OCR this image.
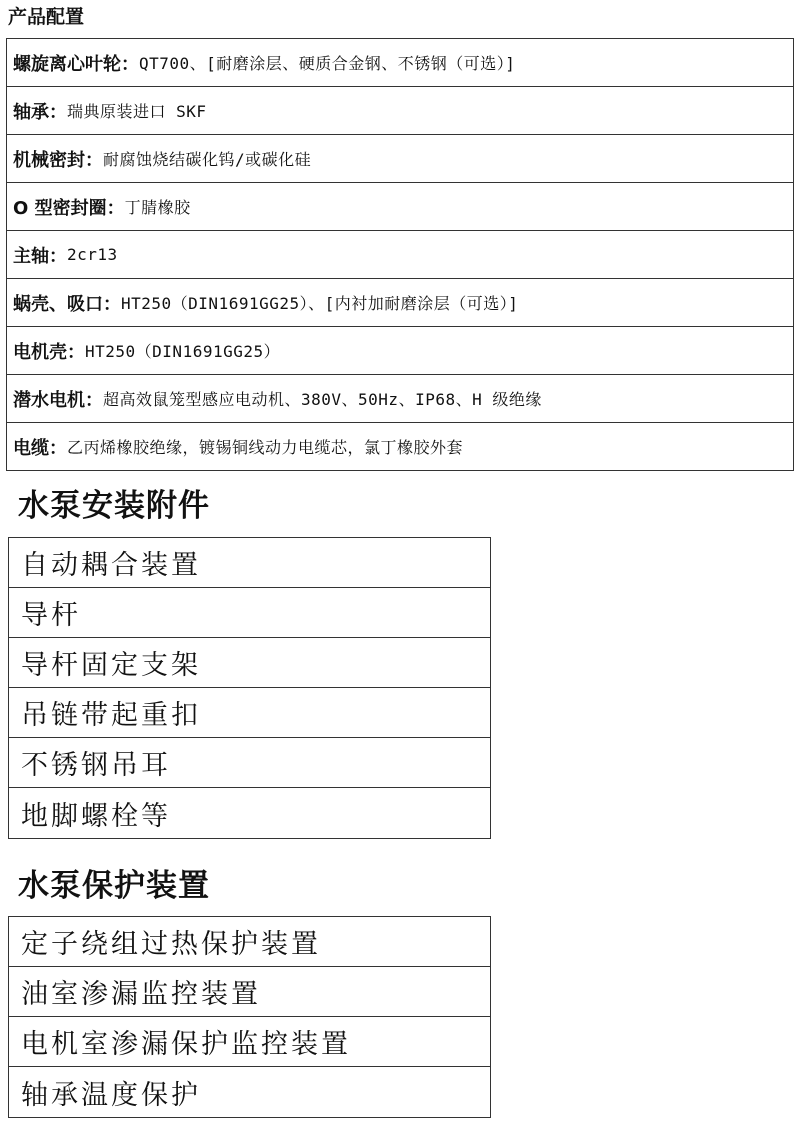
产品配置
螺旋离心叶轮： QT700、[耐磨涂层、硬质合金钢、不锈钢（可选）]
轴承： 瑞典原装进口 SKF
机械密封： 耐腐蚀烧结碳化钨/或碳化硅
O 型密封圈： 丁腈橡胶
主轴： 2cr13
蜗壳、吸口： HT250（DIN1691GG25）、[内衬加耐磨涂层（可选）]
电机壳： HT250（DIN1691GG25）
潜水电机： 超高效鼠笼型感应电动机、380V、50Hz、IP68、H 级绝缘
电缆： 乙丙烯橡胶绝缘，镀锡铜线动力电缆芯，氯丁橡胶外套
水泵安装附件
自动耦合装置
导杆
导杆固定支架
吊链带起重扣
不锈钢吊耳
地脚螺栓等
水泵保护装置
定子绕组过热保护装置
油室渗漏监控装置
电机室渗漏保护监控装置
轴承温度保护
